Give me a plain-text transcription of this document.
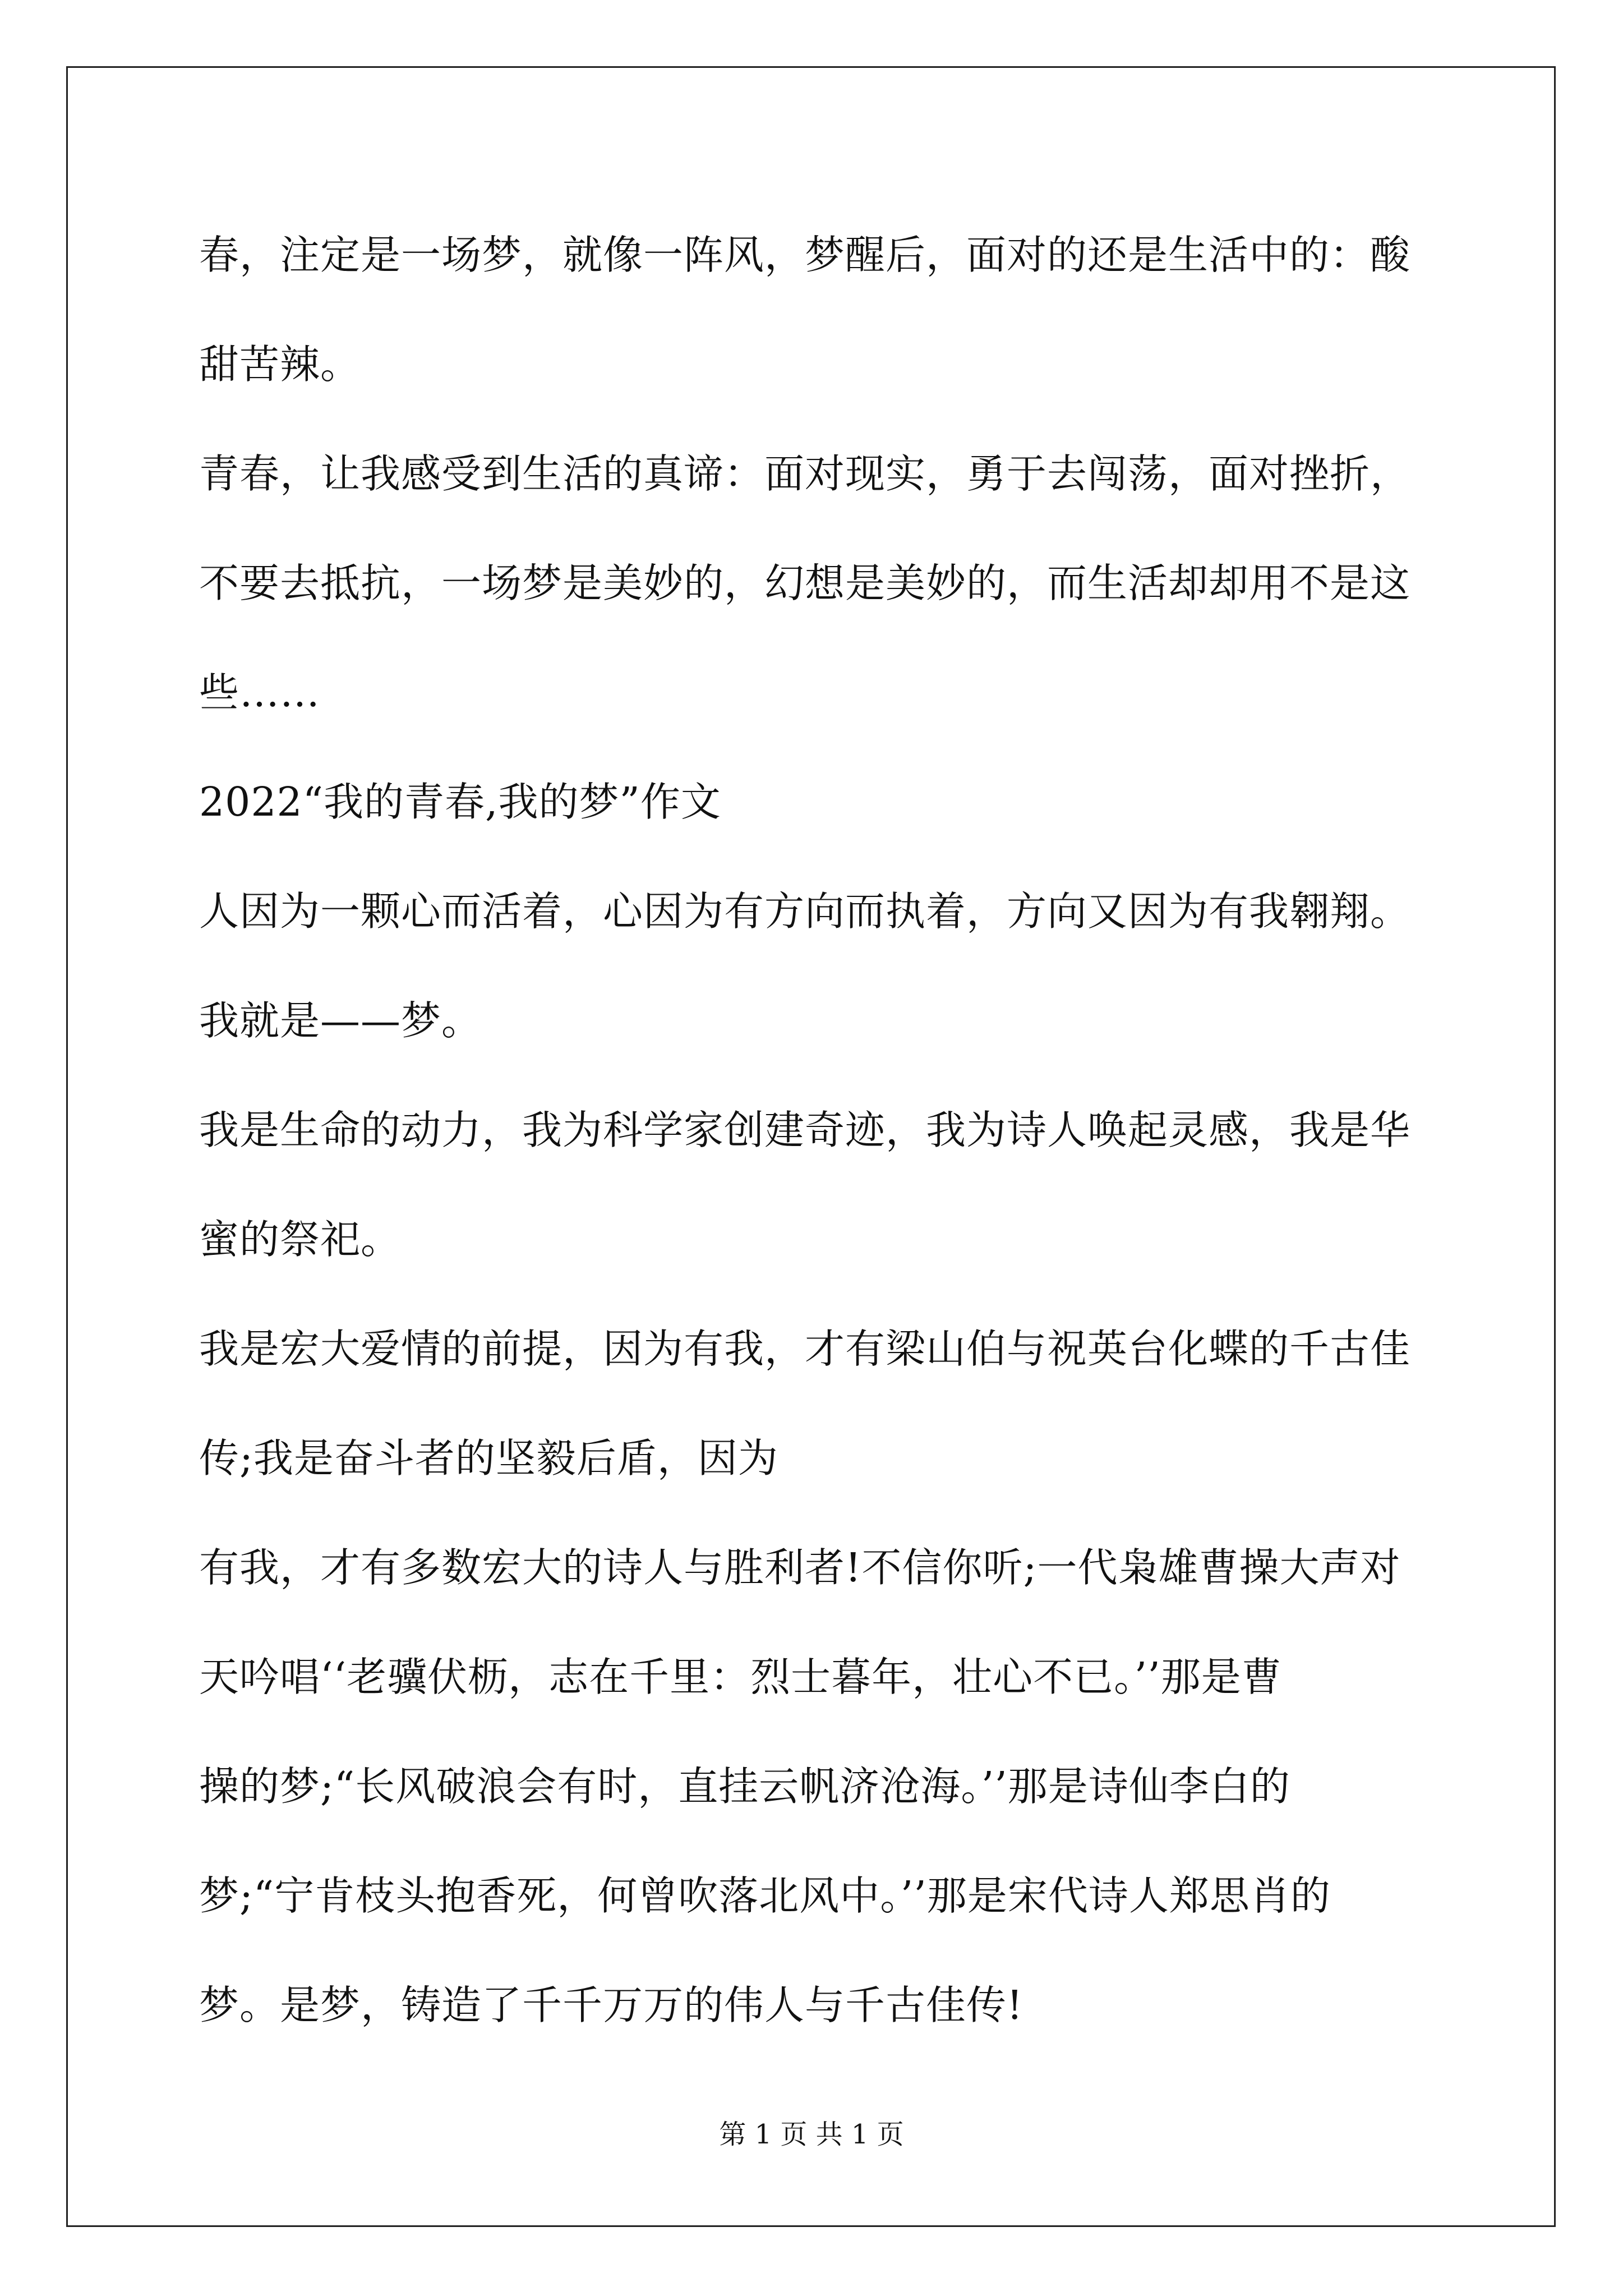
春，注定是一场梦，就像一阵风，梦醒后，面对的还是生活中的：酸
甜苦辣。
青春，让我感受到生活的真谛：面对现实，勇于去闯荡，面对挫折，
不要去抵抗，一场梦是美妙的，幻想是美妙的，而生活却却用不是这
些……
2022“我的青春,我的梦”作文
人因为一颗心而活着，心因为有方向而执着，方向又因为有我翱翔。
我就是——梦。
我是生命的动力，我为科学家创建奇迹，我为诗人唤起灵感，我是华
蜜的祭祀。
我是宏大爱情的前提，因为有我，才有梁山伯与祝英台化蝶的千古佳
传;我是奋斗者的坚毅后盾，因为
有我，才有多数宏大的诗人与胜利者!不信你听;一代枭雄曹操大声对
天吟唱‘‘老骥伏枥，志在千里：烈士暮年，壮心不已。’’那是曹
操的梦;“长风破浪会有时，直挂云帆济沧海。’’那是诗仙李白的
梦;“宁肯枝头抱香死，何曾吹落北风中。’’那是宋代诗人郑思肖的
梦。是梦，铸造了千千万万的伟人与千古佳传!
第 1 页 共 1 页
